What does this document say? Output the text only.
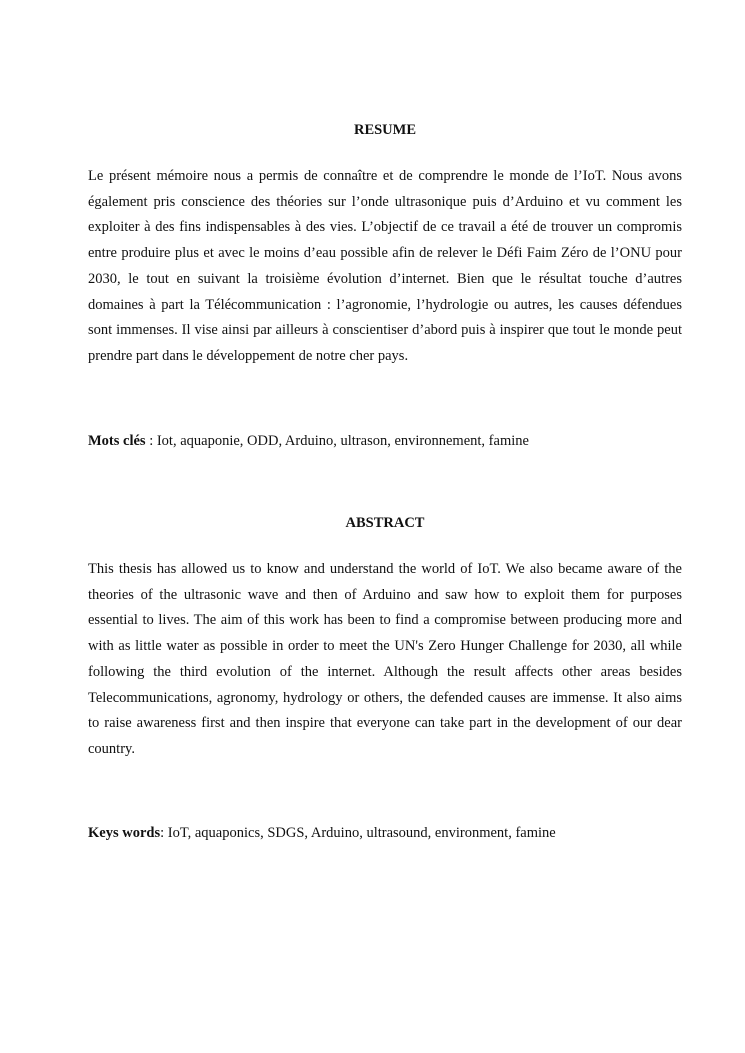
RESUME

Le présent mémoire nous a permis de connaître et de comprendre le monde de l’IoT. Nous avons également pris conscience des théories sur l’onde ultrasonique puis d’Arduino et vu comment les exploiter à des fins indispensables à des vies. L’objectif de ce travail a été de trouver un compromis entre produire plus et avec le moins d’eau possible afin de relever le Défi Faim Zéro de l’ONU pour 2030, le tout en suivant la troisième évolution d’internet. Bien que le résultat touche d’autres domaines à part la Télécommunication : l’agronomie, l’hydrologie ou autres, les causes défendues sont immenses. Il vise ainsi par ailleurs à conscientiser d’abord puis à inspirer que tout le monde peut prendre part dans le développement de notre cher pays.

Mots clés : Iot, aquaponie, ODD, Arduino, ultrason, environnement, famine

ABSTRACT

This thesis has allowed us to know and understand the world of IoT. We also became aware of the theories of the ultrasonic wave and then of Arduino and saw how to exploit them for purposes essential to lives. The aim of this work has been to find a compromise between producing more and with as little water as possible in order to meet the UN's Zero Hunger Challenge for 2030, all while following the third evolution of the internet. Although the result affects other areas besides Telecommunications, agronomy, hydrology or others, the defended causes are immense. It also aims to raise awareness first and then inspire that everyone can take part in the development of our dear country.

Keys words: IoT, aquaponics, SDGS, Arduino, ultrasound, environment, famine
